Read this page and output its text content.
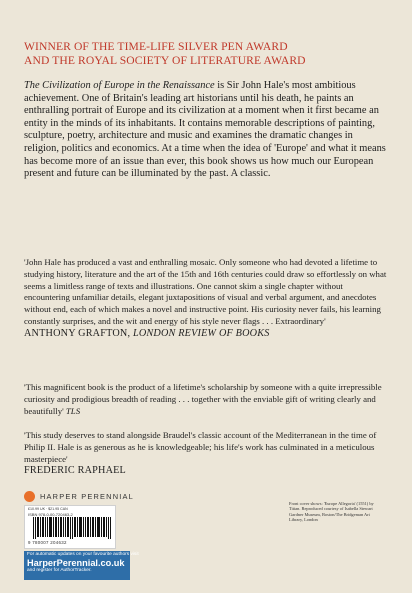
WINNER OF THE TIME-LIFE SILVER PEN AWARD
AND THE ROYAL SOCIETY OF LITERATURE AWARD
The Civilization of Europe in the Renaissance is Sir John Hale's most ambitious achievement. One of Britain's leading art historians until his death, he paints an enthralling portrait of Europe and its civilization at a moment when it first became an entity in the minds of its inhabitants. It contains memorable descriptions of painting, sculpture, poetry, architecture and music and examines the dramatic changes in religion, politics and economics. At a time when the idea of 'Europe' and what it means has become more of an issue than ever, this book shows us how much our European present and future can be illuminated by the past. A classic.
'John Hale has produced a vast and enthralling mosaic. Only someone who had devoted a lifetime to studying history, literature and the art of the 15th and 16th centuries could draw so effortlessly on what seems a limitless range of texts and illustrations. One cannot skim a single chapter without encountering unfamiliar details, elegant juxtapositions of visual and verbal argument, and anecdotes without end, each of which makes a novel and instructive point. His curiosity never fails, his learning constantly surprises, and the wit and energy of his style never flags . . . Extraordinary'
ANTHONY GRAFTON, LONDON REVIEW OF BOOKS
'This magnificent book is the product of a lifetime's scholarship by someone with a quite irrepressible curiosity and prodigious breadth of reading . . . together with the enviable gift of writing clearly and beautifully' TLS
'This study deserves to stand alongside Braudel's classic account of the Mediterranean in the time of Philip II. Hale is as generous as he is knowledgeable; his life's work has culminated in a meticulous masterpiece'
FREDERIC RAPHAEL
HARPER PERENNIAL
£10.99 UK · $21.95 CAN
ISBN 978-0-00-720463-2
9 780007 204632
Front cover shows: 'Europe Allegoria' (1551) by Titian. Reproduced courtesy of Isabella Stewart Gardner Museum, Boston/The Bridgeman Art Library, London
For automatic updates on your favourite authors visit
HarperPerennial.co.uk
and register for AuthorTracker.
